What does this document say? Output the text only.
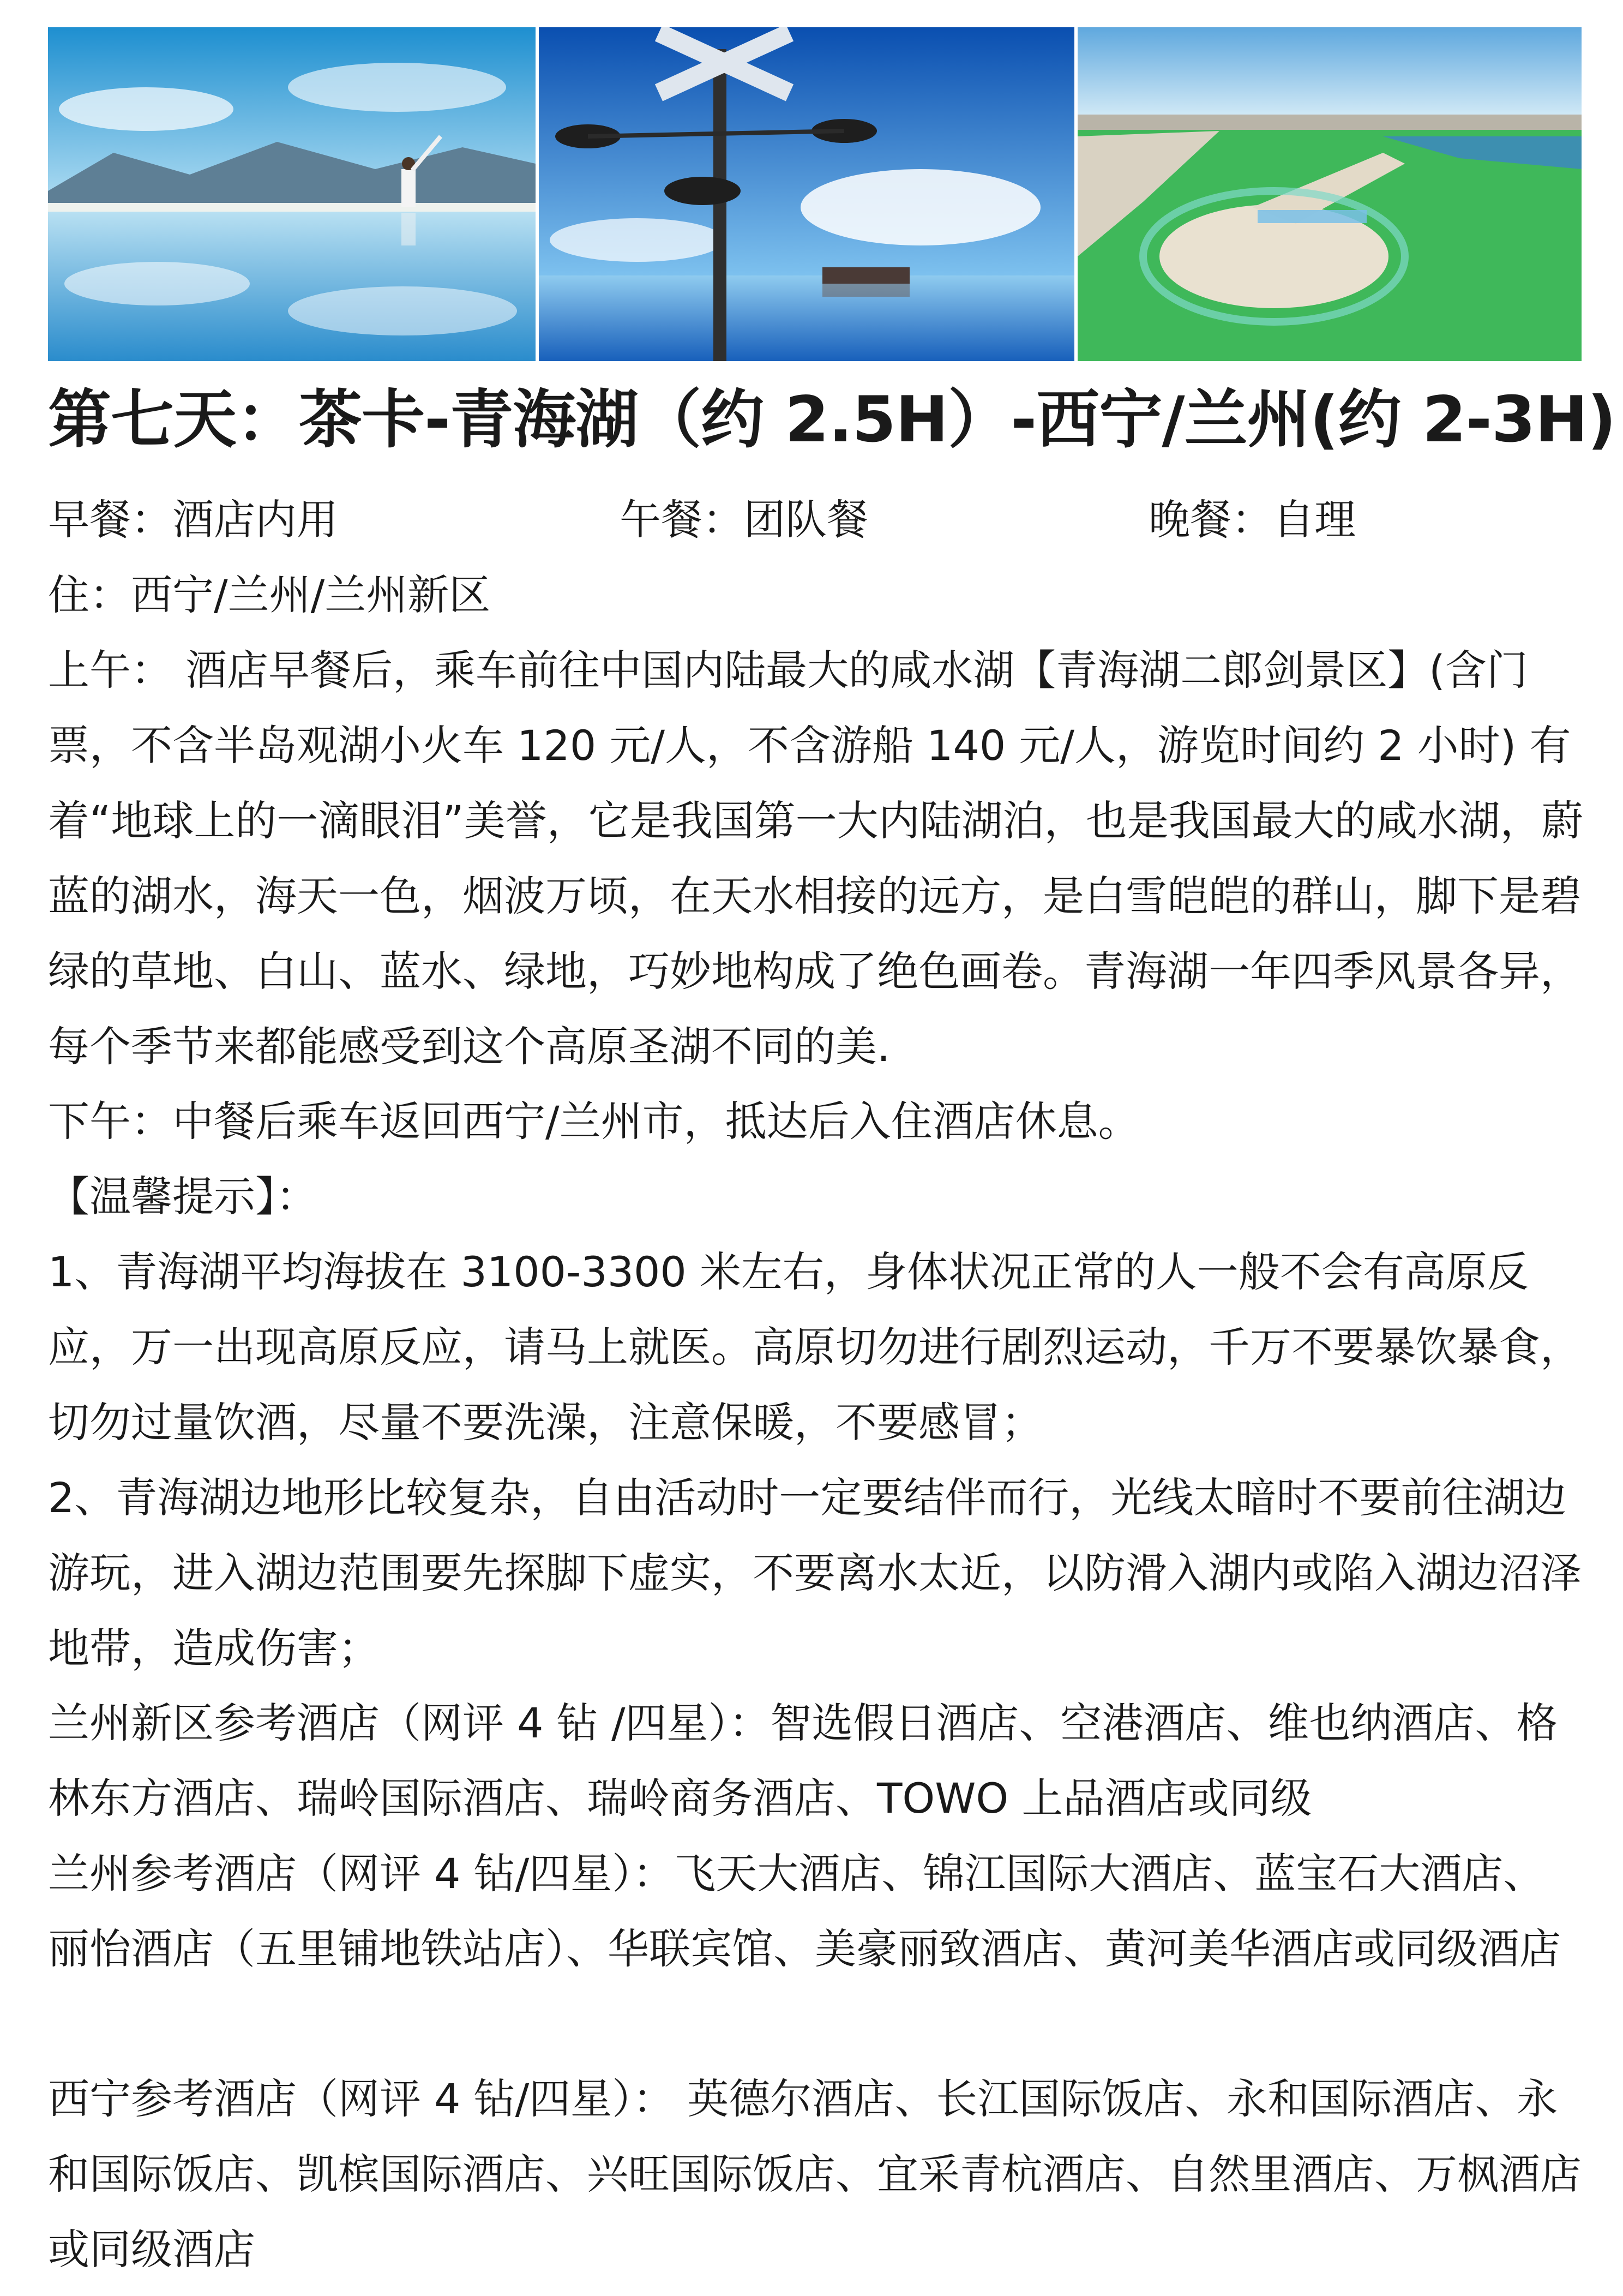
第七天：茶卡-青海湖（约 2.5H）-西宁/兰州(约 2-3H)
早餐：酒店内用	午餐：团队餐	晚餐：自理
住：西宁/兰州/兰州新区
上午： 酒店早餐后，乘车前往中国内陆最大的咸水湖【青海湖二郎剑景区】(含门票，不含半岛观湖小火车 120 元/人，不含游船 140 元/人，游览时间约 2 小时) 有着“地球上的一滴眼泪”美誉，它是我国第一大内陆湖泊，也是我国最大的咸水湖，蔚蓝的湖水，海天一色，烟波万顷，在天水相接的远方，是白雪皑皑的群山，脚下是碧绿的草地、白山、蓝水、绿地，巧妙地构成了绝色画卷。青海湖一年四季风景各异，每个季节来都能感受到这个高原圣湖不同的美.
下午：中餐后乘车返回西宁/兰州市，抵达后入住酒店休息。
【温馨提示】：
1、青海湖平均海拔在 3100-3300 米左右，身体状况正常的人一般不会有高原反应，万一出现高原反应，请马上就医。高原切勿进行剧烈运动，千万不要暴饮暴食，切勿过量饮酒，尽量不要洗澡，注意保暖，不要感冒；
2、青海湖边地形比较复杂，自由活动时一定要结伴而行，光线太暗时不要前往湖边游玩，进入湖边范围要先探脚下虚实，不要离水太近，以防滑入湖内或陷入湖边沼泽地带，造成伤害；
兰州新区参考酒店（网评 4 钻 /四星）：智选假日酒店、空港酒店、维也纳酒店、格林东方酒店、瑞岭国际酒店、瑞岭商务酒店、TOWO 上品酒店或同级
兰州参考酒店（网评 4 钻/四星）：飞天大酒店、锦江国际大酒店、蓝宝石大酒店、丽怡酒店（五里铺地铁站店）、华联宾馆、美豪丽致酒店、黄河美华酒店或同级酒店
西宁参考酒店（网评 4 钻/四星）： 英德尔酒店、长江国际饭店、永和国际酒店、永和国际饭店、凯槟国际酒店、兴旺国际饭店、宜采青杭酒店、自然里酒店、万枫酒店或同级酒店
